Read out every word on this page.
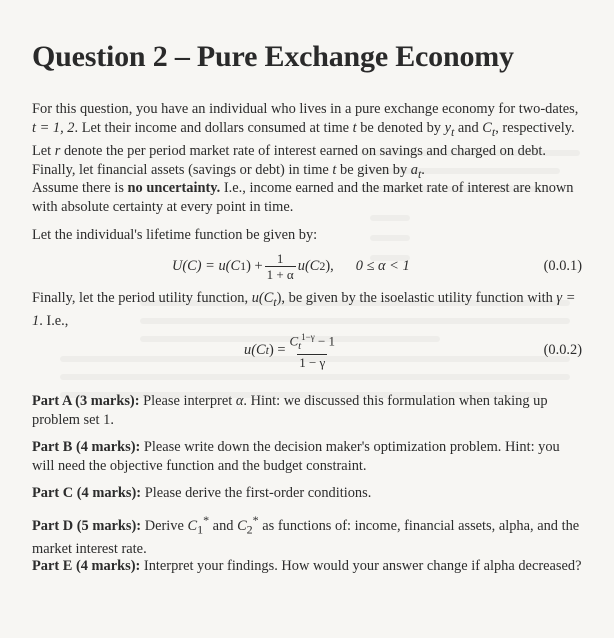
Question 2 – Pure Exchange Economy

For this question, you have an individual who lives in a pure exchange economy for two-dates, t = 1, 2. Let their income and dollars consumed at time t be denoted by $y_t$ and $C_t$, respectively. Let r denote the per period market rate of interest earned on savings and charged on debt. Finally, let financial assets (savings or debt) in time t be given by $a_t$.

Assume there is no uncertainty. I.e., income earned and the market rate of interest are known with absolute certainty at every point in time.

Let the individual's lifetime function be given by:

U(C) = u(C 1 ) + $\frac{1}{1 + \alpha} u(C$ 2 ), 0 ≤ α < 1	(0.0.1)

Finally, let the period utility function, $u(C_t)$, be given by the isoelastic utility function with γ = 1. I.e.,

u(C t ) = $\frac{C_t^{1-\gamma} - 1}{1 - \gamma}$	(0.0.2)

Part A (3 marks): Please interpret α. Hint: we discussed this formulation when taking up problem set 1.

Part B (4 marks): Please write down the decision maker's optimization problem. Hint: you will need the objective function and the budget constraint.

Part C (4 marks): Please derive the first-order conditions.

Part D (5 marks): Derive $C_1^*$ and $C_2^*$ as functions of: income, financial assets, alpha, and the market interest rate.

Part E (4 marks): Interpret your findings. How would your answer change if alpha decreased?
